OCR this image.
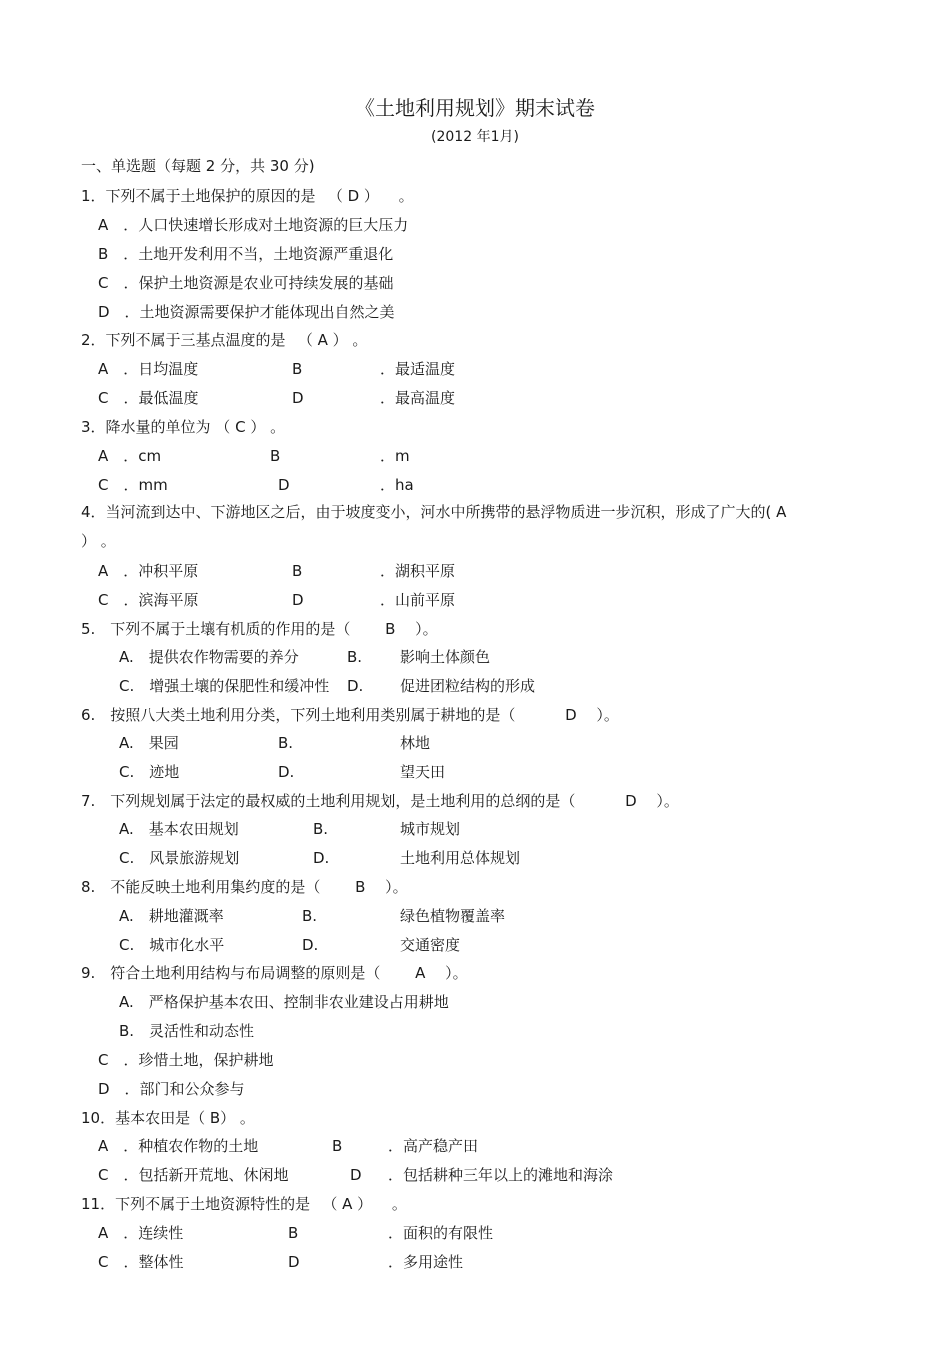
《土地利用规划》期末试卷
(2012 年1月)
一、单选题（每题 2 分，共 30 分)
1．下列不属于土地保护的原因的是 　（ D ） 　。
A　．人口快速增长形成对土地资源的巨大压力
B　．土地开发利用不当，土地资源严重退化
C　．保护土地资源是农业可持续发展的基础
D　．土地资源需要保护才能体现出自然之美
2．下列不属于三基点温度的是 　（ A ） 。
A　．日均温度	B	．最适温度
C　．最低温度	D	．最高温度
3．降水量的单位为 （ C ） 。
A　．cm	B	．m
C　．mm	D	．ha
4．当河流到达中、下游地区之后，由于坡度变小，河水中所携带的悬浮物质进一步沉积，形成了广大的( A ） 。
A　．冲积平原	B	．湖积平原
C　．滨海平原	D	．山前平原
5.　下列不属于土壤有机质的作用的是（ 　　B 　）。
A.　提供农作物需要的养分	B.	影响土体颜色
C.　增强土壤的保肥性和缓冲性 D. 促进团粒结构的形成
6.　按照八大类土地利用分类，下列土地利用类别属于耕地的是（ 　　　D 　）。
A.　果园	B.	林地
C.　迹地	D.	望天田
7.　下列规划属于法定的最权威的土地利用规划，是土地利用的总纲的是（ 　　　D 　）。
A.　基本农田规划	B.	城市规划
C.　风景旅游规划	D.	土地利用总体规划
8.　不能反映土地利用集约度的是（ 　　B 　）。
A.　耕地灌溉率	B.	绿色植物覆盖率
C.　城市化水平	D.	交通密度
9.　符合土地利用结构与布局调整的原则是（ 　　A 　）。
A.　严格保护基本农田、控制非农业建设占用耕地
B.　灵活性和动态性
C　．珍惜土地，保护耕地
D　．部门和公众参与
10．基本农田是（ B） 。
A　．种植农作物的土地	B	．高产稳产田
C　．包括新开荒地、休闲地	D ．包括耕种三年以上的滩地和海涂
11．下列不属于土地资源特性的是 　（ A ） 　。
A　．连续性	B	．面积的有限性
C　．整体性	D	．多用途性
